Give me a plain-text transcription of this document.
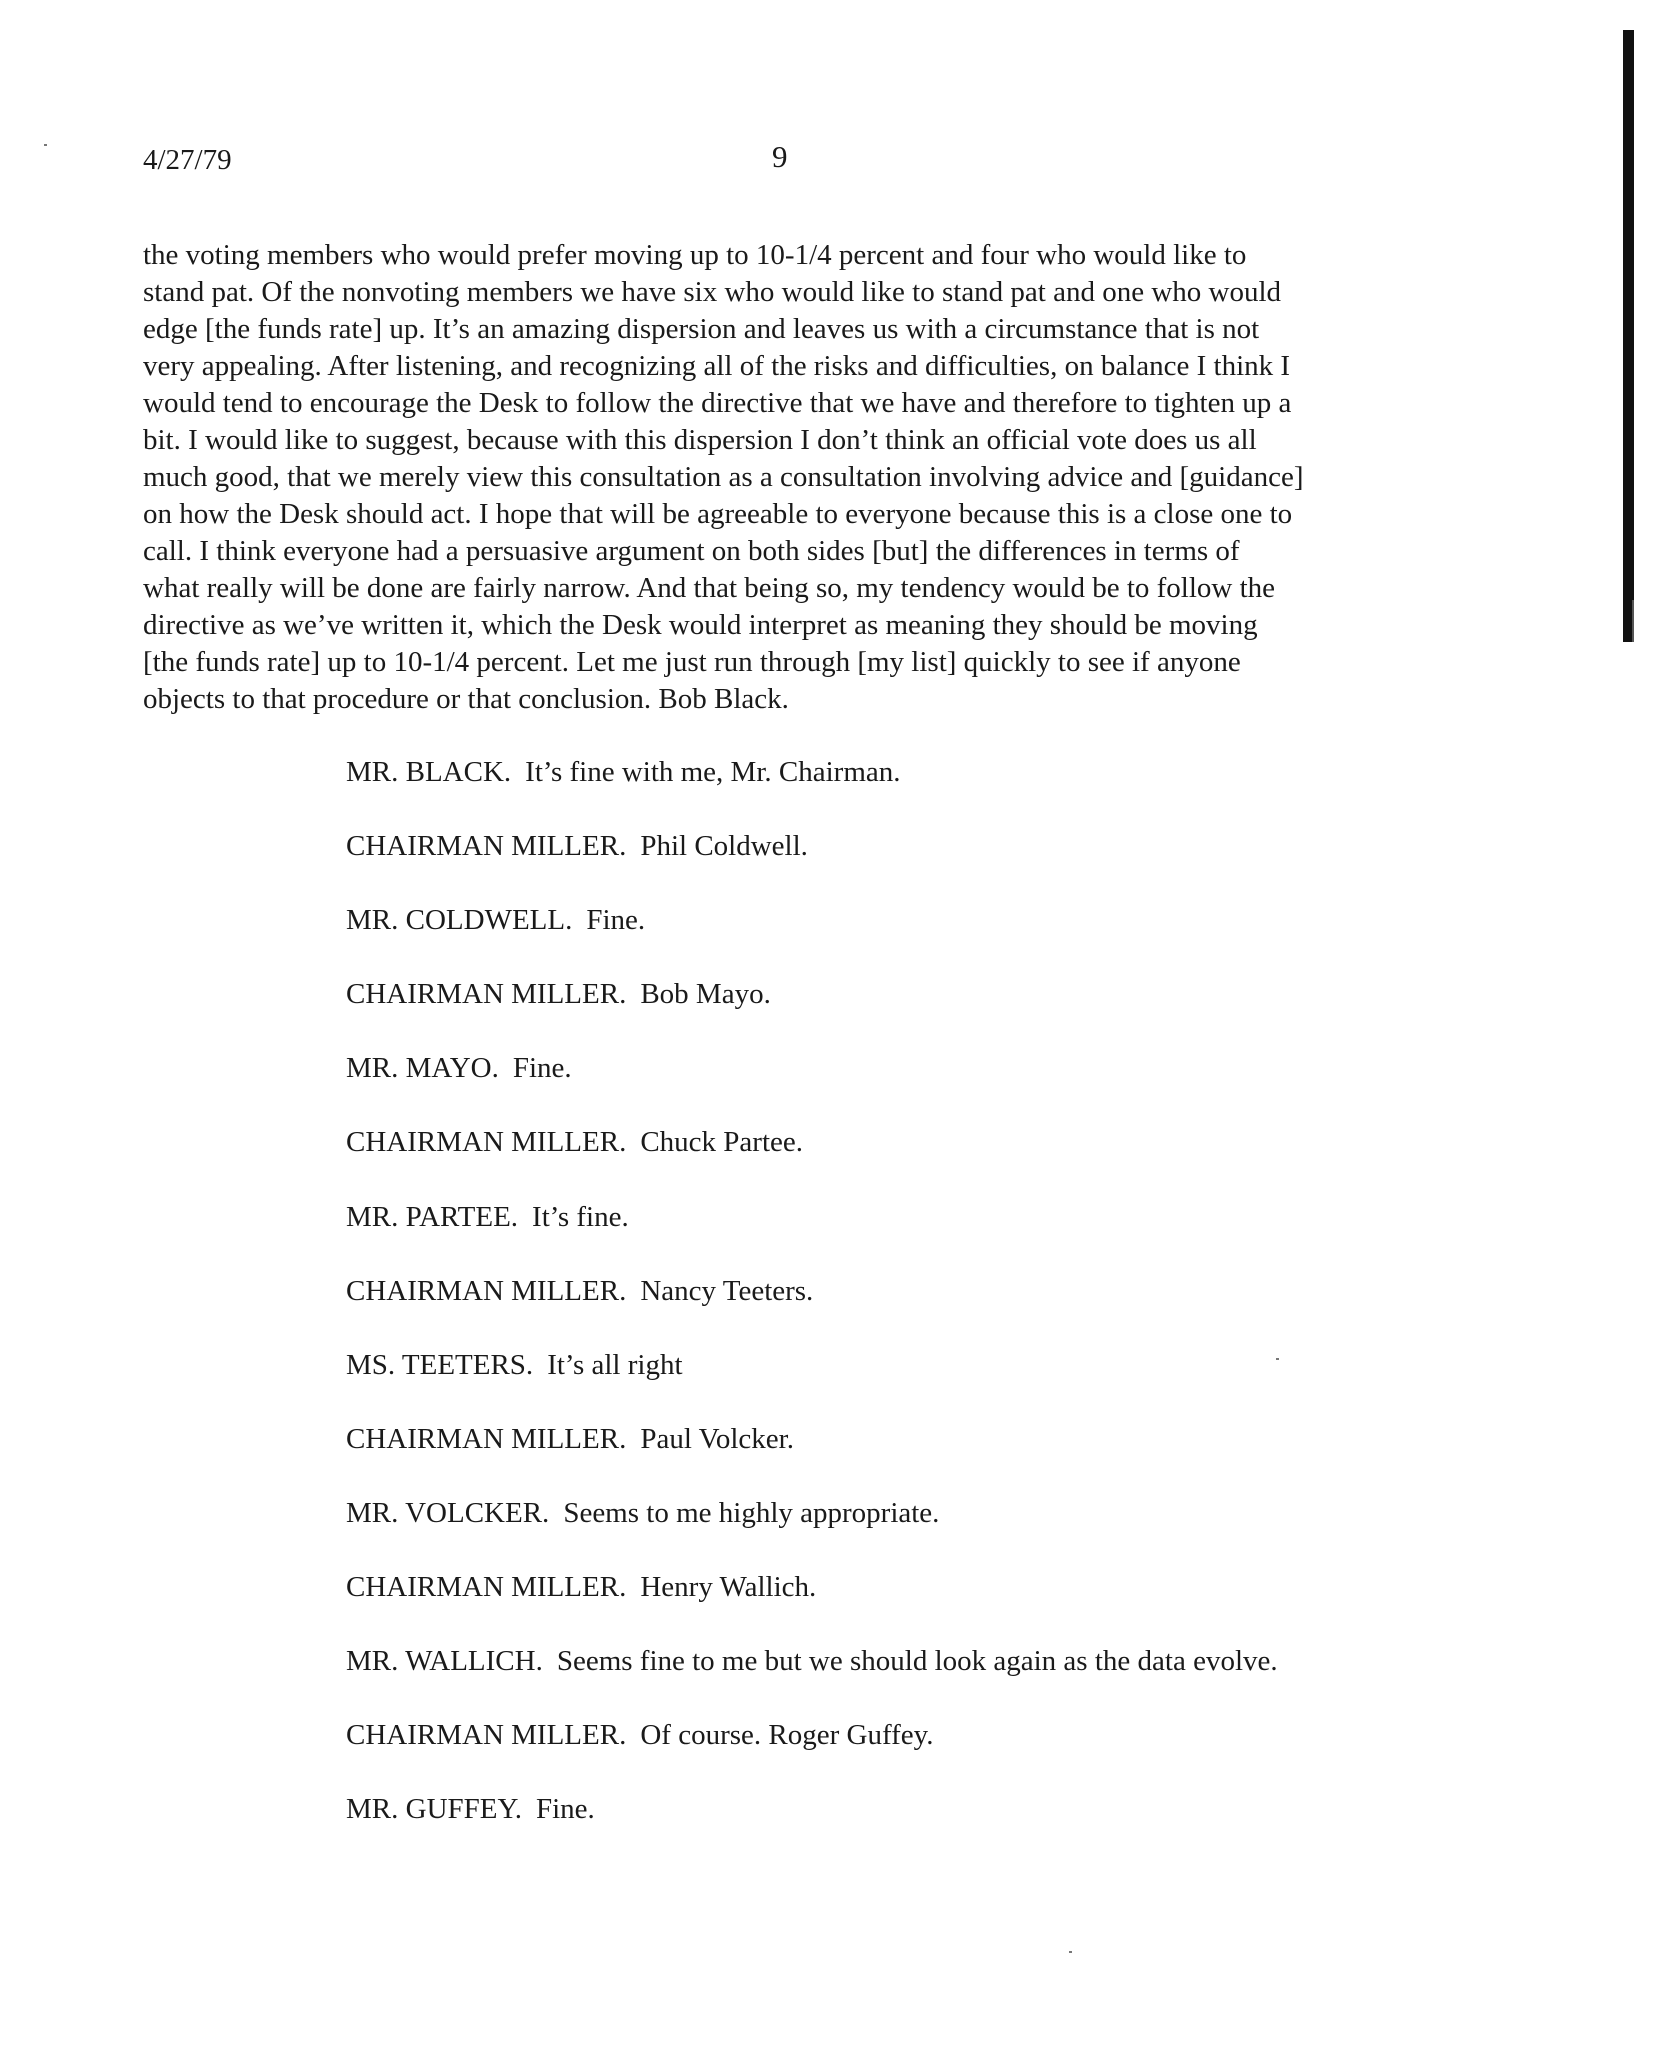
4/27/79	9
the voting members who would prefer moving up to 10-1/4 percent and four who would like to
stand pat. Of the nonvoting members we have six who would like to stand pat and one who would
edge [the funds rate] up. It’s an amazing dispersion and leaves us with a circumstance that is not
very appealing. After listening, and recognizing all of the risks and difficulties, on balance I think I
would tend to encourage the Desk to follow the directive that we have and therefore to tighten up a
bit. I would like to suggest, because with this dispersion I don’t think an official vote does us all
much good, that we merely view this consultation as a consultation involving advice and [guidance]
on how the Desk should act. I hope that will be agreeable to everyone because this is a close one to
call. I think everyone had a persuasive argument on both sides [but] the differences in terms of
what really will be done are fairly narrow. And that being so, my tendency would be to follow the
directive as we’ve written it, which the Desk would interpret as meaning they should be moving
[the funds rate] up to 10-1/4 percent. Let me just run through [my list] quickly to see if anyone
objects to that procedure or that conclusion. Bob Black.
MR. BLACK. It’s fine with me, Mr. Chairman.
CHAIRMAN MILLER. Phil Coldwell.
MR. COLDWELL. Fine.
CHAIRMAN MILLER. Bob Mayo.
MR. MAYO. Fine.
CHAIRMAN MILLER. Chuck Partee.
MR. PARTEE. It’s fine.
CHAIRMAN MILLER. Nancy Teeters.
MS. TEETERS. It’s all right
CHAIRMAN MILLER. Paul Volcker.
MR. VOLCKER. Seems to me highly appropriate.
CHAIRMAN MILLER. Henry Wallich.
MR. WALLICH. Seems fine to me but we should look again as the data evolve.
CHAIRMAN MILLER. Of course. Roger Guffey.
MR. GUFFEY. Fine.
